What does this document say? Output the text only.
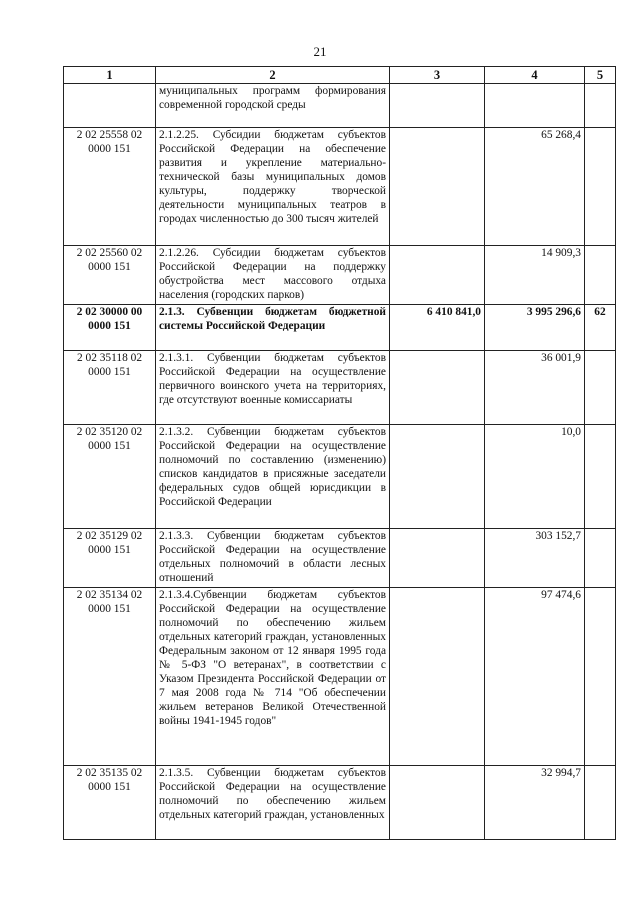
21
1	2	3	4	5
	муниципальных программ формирования современной городской среды			

2 02 25558 02
0000 151	2.1.2.25. Субсидии бюджетам субъектов Российской Федерации на обеспечение развития и укрепление материально-технической базы муниципальных домов культуры, поддержку творческой деятельности муниципальных театров в городах численностью до 300 тысяч жителей		65 268,4	

2 02 25560 02
0000 151	2.1.2.26. Субсидии бюджетам субъектов Российской Федерации на поддержку обустройства мест массового отдыха населения (городских парков)		14 909,3	

2 02 30000 00
0000 151	2.1.3. Субвенции бюджетам бюджетной системы Российской Федерации	6 410 841,0	3 995 296,6	62

2 02 35118 02
0000 151	2.1.3.1. Субвенции бюджетам субъектов Российской Федерации на осуществление первичного воинского учета на территориях, где отсутствуют военные комиссариаты		36 001,9	

2 02 35120 02
0000 151	2.1.3.2. Субвенции бюджетам субъектов Российской Федерации на осуществление полномочий по составлению (изменению) списков кандидатов в присяжные заседатели федеральных судов общей юрисдикции в Российской Федерации		10,0	

2 02 35129 02
0000 151	2.1.3.3. Субвенции бюджетам субъектов Российской Федерации на осуществление отдельных полномочий в области лесных отношений		303 152,7	

2 02 35134 02
0000 151	2.1.3.4.Субвенции бюджетам субъектов Российской Федерации на осуществление полномочий по обеспечению жильем отдельных категорий граждан, установленных Федеральным законом от 12 января 1995 года № 5-ФЗ "О ветеранах", в соответствии с Указом Президента Российской Федерации от 7 мая 2008 года № 714 "Об обеспечении жильем ветеранов Великой Отечественной войны 1941-1945 годов"		97 474,6	

2 02 35135 02
0000 151	2.1.3.5. Субвенции бюджетам субъектов Российской Федерации на осуществление полномочий по обеспечению жильем отдельных категорий граждан, установленных		32 994,7	
